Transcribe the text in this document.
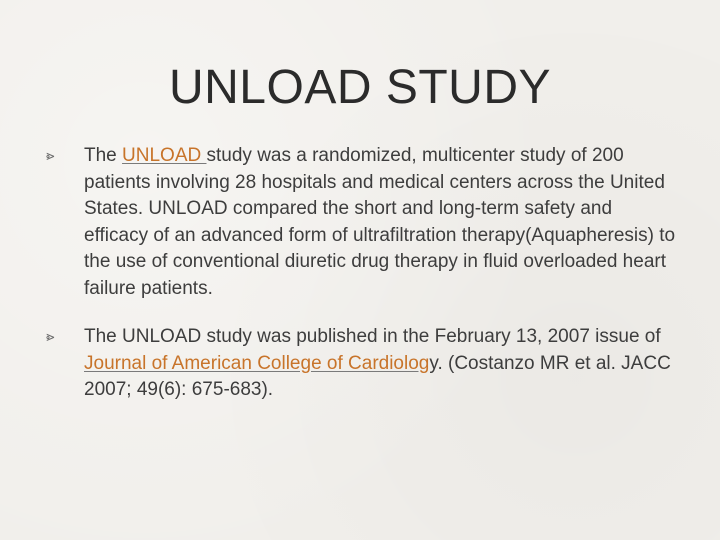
UNLOAD STUDY
⩺	The UNLOAD study was a randomized, multicenter study of 200 patients involving 28 hospitals and medical centers across the United States. UNLOAD compared the short and long-term safety and efficacy of an advanced form of ultrafiltration therapy(Aquapheresis) to the use of conventional diuretic drug therapy in fluid overloaded heart failure patients.
⩺	The UNLOAD study was published in the February 13, 2007 issue of Journal of American College of Cardiology. (Costanzo MR et al. JACC 2007; 49(6): 675-683).
